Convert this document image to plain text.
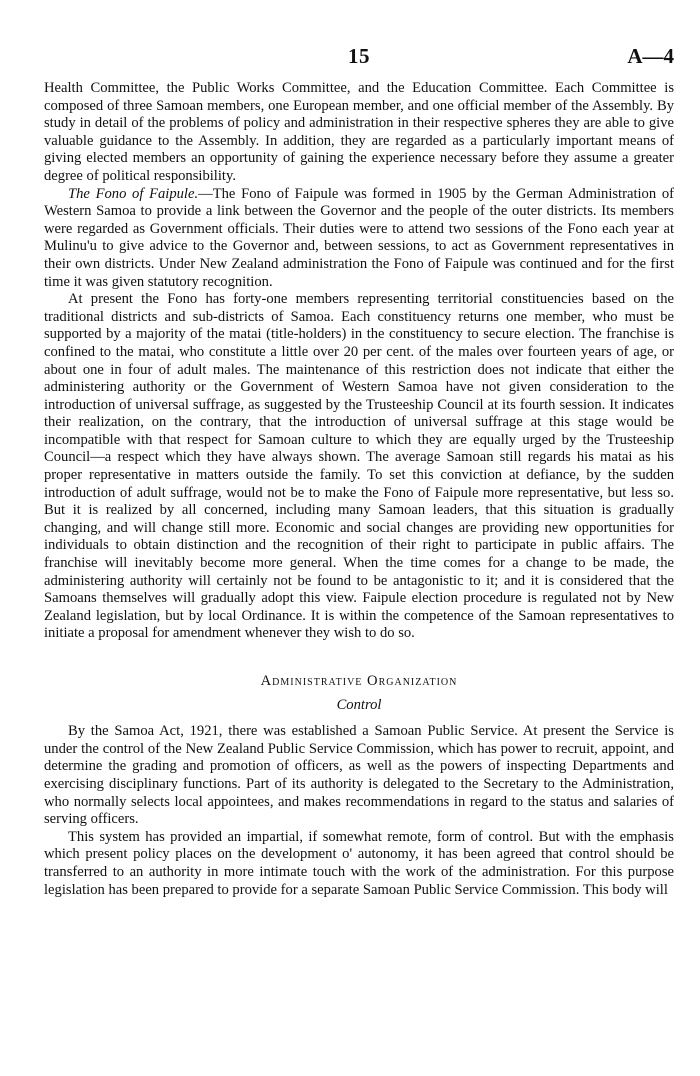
15	A—4

Health Committee, the Public Works Committee, and the Education Committee. Each Committee is composed of three Samoan members, one European member, and one official member of the Assembly. By study in detail of the problems of policy and administration in their respective spheres they are able to give valuable guidance to the Assembly. In addition, they are regarded as a particularly important means of giving elected members an opportunity of gaining the experience necessary before they assume a greater degree of political responsibility.

The Fono of Faipule.—The Fono of Faipule was formed in 1905 by the German Administration of Western Samoa to provide a link between the Governor and the people of the outer districts. Its members were regarded as Government officials. Their duties were to attend two sessions of the Fono each year at Mulinu'u to give advice to the Governor and, between sessions, to act as Government representatives in their own districts. Under New Zealand administration the Fono of Faipule was continued and for the first time it was given statutory recognition.

At present the Fono has forty-one members representing territorial constituencies based on the traditional districts and sub-districts of Samoa. Each constituency returns one member, who must be supported by a majority of the matai (title-holders) in the constituency to secure election. The franchise is confined to the matai, who constitute a little over 20 per cent. of the males over fourteen years of age, or about one in four of adult males. The maintenance of this restriction does not indicate that either the administering authority or the Government of Western Samoa have not given consideration to the introduction of universal suffrage, as suggested by the Trusteeship Council at its fourth session. It indicates their realization, on the contrary, that the introduction of universal suffrage at this stage would be incompatible with that respect for Samoan culture to which they are equally urged by the Trusteeship Council—a respect which they have always shown. The average Samoan still regards his matai as his proper representative in matters outside the family. To set this conviction at defiance, by the sudden introduction of adult suffrage, would not be to make the Fono of Faipule more representative, but less so. But it is realized by all concerned, including many Samoan leaders, that this situation is gradually changing, and will change still more. Economic and social changes are providing new opportunities for individuals to obtain distinction and the recognition of their right to participate in public affairs. The franchise will inevitably become more general. When the time comes for a change to be made, the administering authority will certainly not be found to be antagonistic to it; and it is considered that the Samoans themselves will gradually adopt this view. Faipule election procedure is regulated not by New Zealand legislation, but by local Ordinance. It is within the competence of the Samoan representatives to initiate a proposal for amendment whenever they wish to do so.

Administrative Organization
Control

By the Samoa Act, 1921, there was established a Samoan Public Service. At present the Service is under the control of the New Zealand Public Service Commission, which has power to recruit, appoint, and determine the grading and promotion of officers, as well as the powers of inspecting Departments and exercising disciplinary functions. Part of its authority is delegated to the Secretary to the Administration, who normally selects local appointees, and makes recommendations in regard to the status and salaries of serving officers.

This system has provided an impartial, if somewhat remote, form of control. But with the emphasis which present policy places on the development o' autonomy, it has been agreed that control should be transferred to an authority in more intimate touch with the work of the administration. For this purpose legislation has been prepared to provide for a separate Samoan Public Service Commission. This body will
